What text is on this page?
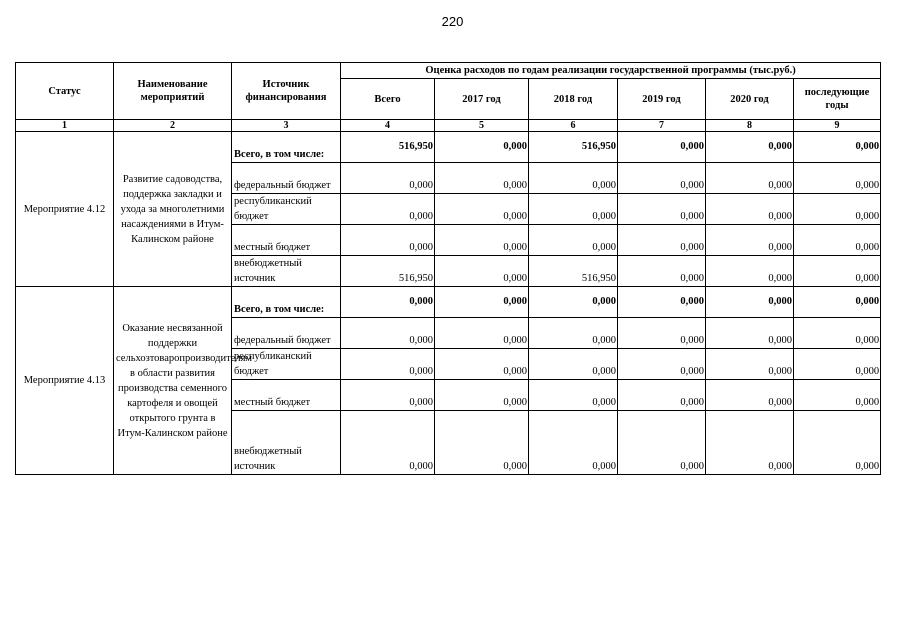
220
Статус	Наименование мероприятий	Источник финансирования	Оценка расходов по годам реализации государственной программы (тыс.руб.)					
			Всего	2017 год	2018 год	2019 год	2020 год	последующие годы
1	2	3	4	5	6	7	8	9
Мероприятие 4.12	Развитие садоводства, поддержка закладки и ухода за многолетними насаждениями в Итум-Калинском районе	Всего, в том числе:	516,950	0,000	516,950	0,000	0,000	0,000
		федеральный бюджет	0,000	0,000	0,000	0,000	0,000	0,000
		республиканский бюджет	0,000	0,000	0,000	0,000	0,000	0,000
		местный бюджет	0,000	0,000	0,000	0,000	0,000	0,000
		внебюджетный источник	516,950	0,000	516,950	0,000	0,000	0,000
Мероприятие 4.13	Оказание несвязанной поддержки сельхозтоваропроизводителям в области развития производства семенного картофеля и овощей открытого грунта в Итум-Калинском районе	Всего, в том числе:	0,000	0,000	0,000	0,000	0,000	0,000
		федеральный бюджет	0,000	0,000	0,000	0,000	0,000	0,000
		республиканский бюджет	0,000	0,000	0,000	0,000	0,000	0,000
		местный бюджет	0,000	0,000	0,000	0,000	0,000	0,000
		внебюджетный источник	0,000	0,000	0,000	0,000	0,000	0,000
